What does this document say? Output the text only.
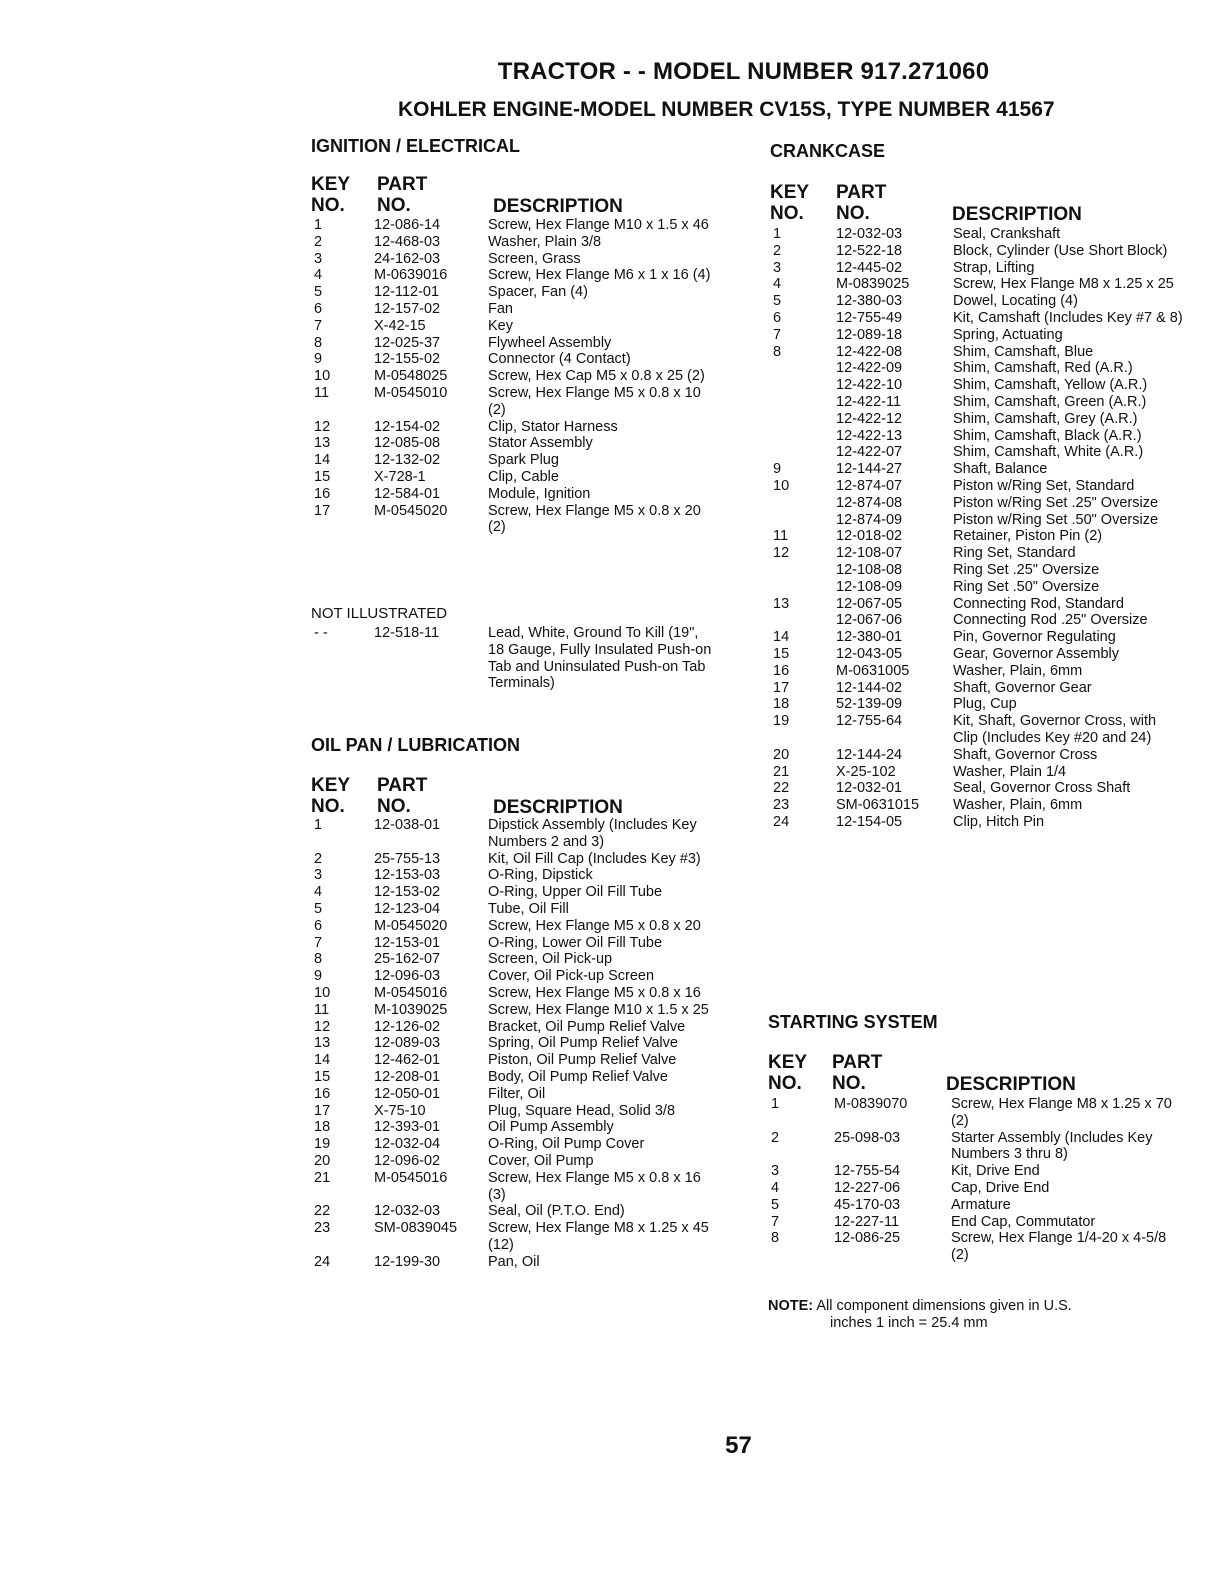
TRACTOR - - MODEL NUMBER 917.271060
KOHLER ENGINE-MODEL NUMBER CV15S, TYPE NUMBER 41567
IGNITION / ELECTRICAL
KEY
NO.
PART
NO.	DESCRIPTION
1	12-086-14	Screw, Hex Flange M10 x 1.5 x 46
2	12-468-03	Washer, Plain 3/8
3	24-162-03	Screen, Grass
4	M-0639016	Screw, Hex Flange M6 x 1 x 16 (4)
5	12-112-01	Spacer, Fan (4)
6	12-157-02	Fan
7	X-42-15	Key
8	12-025-37	Flywheel Assembly
9	12-155-02	Connector (4 Contact)
10	M-0548025	Screw, Hex Cap M5 x 0.8 x 25 (2)
11	M-0545010	Screw, Hex Flange M5 x 0.8 x 10 (2)
12	12-154-02	Clip, Stator Harness
13	12-085-08	Stator Assembly
14	12-132-02	Spark Plug
15	X-728-1	Clip, Cable
16	12-584-01	Module, Ignition
17	M-0545020	Screw, Hex Flange M5 x 0.8 x 20 (2)
NOT ILLUSTRATED
- -	12-518-11	Lead, White, Ground To Kill (19", 18 Gauge, Fully Insulated Push-on Tab and Uninsulated Push-on Tab Terminals)
OIL PAN / LUBRICATION
KEY
NO.
PART
NO.	DESCRIPTION
1	12-038-01	Dipstick Assembly (Includes Key Numbers 2 and 3)
2	25-755-13	Kit, Oil Fill Cap (Includes Key #3)
3	12-153-03	O-Ring, Dipstick
4	12-153-02	O-Ring, Upper Oil Fill Tube
5	12-123-04	Tube, Oil Fill
6	M-0545020	Screw, Hex Flange M5 x 0.8 x 20
7	12-153-01	O-Ring, Lower Oil Fill Tube
8	25-162-07	Screen, Oil Pick-up
9	12-096-03	Cover, Oil Pick-up Screen
10	M-0545016	Screw, Hex Flange M5 x 0.8 x 16
11	M-1039025	Screw, Hex Flange M10 x 1.5 x 25
12	12-126-02	Bracket, Oil Pump Relief Valve
13	12-089-03	Spring, Oil Pump Relief Valve
14	12-462-01	Piston, Oil Pump Relief Valve
15	12-208-01	Body, Oil Pump Relief Valve
16	12-050-01	Filter, Oil
17	X-75-10	Plug, Square Head, Solid 3/8
18	12-393-01	Oil Pump Assembly
19	12-032-04	O-Ring, Oil Pump Cover
20	12-096-02	Cover, Oil Pump
21	M-0545016	Screw, Hex Flange M5 x 0.8 x 16 (3)
22	12-032-03	Seal, Oil (P.T.O. End)
23	SM-0839045	Screw, Hex Flange M8 x 1.25 x 45 (12)
24	12-199-30	Pan, Oil
CRANKCASE
KEY
NO.
PART
NO.	DESCRIPTION
1	12-032-03	Seal, Crankshaft
2	12-522-18	Block, Cylinder (Use Short Block)
3	12-445-02	Strap, Lifting
4	M-0839025	Screw, Hex Flange M8 x 1.25 x 25
5	12-380-03	Dowel, Locating (4)
6	12-755-49	Kit, Camshaft (Includes Key #7 & 8)
7	12-089-18	Spring, Actuating
8	12-422-08	Shim, Camshaft, Blue
	12-422-09	Shim, Camshaft, Red (A.R.)
	12-422-10	Shim, Camshaft, Yellow (A.R.)
	12-422-11	Shim, Camshaft, Green (A.R.)
	12-422-12	Shim, Camshaft, Grey (A.R.)
	12-422-13	Shim, Camshaft, Black (A.R.)
	12-422-07	Shim, Camshaft, White (A.R.)
9	12-144-27	Shaft, Balance
10	12-874-07	Piston w/Ring Set, Standard
	12-874-08	Piston w/Ring Set .25" Oversize
	12-874-09	Piston w/Ring Set .50" Oversize
11	12-018-02	Retainer, Piston Pin (2)
12	12-108-07	Ring Set, Standard
	12-108-08	Ring Set .25" Oversize
	12-108-09	Ring Set .50" Oversize
13	12-067-05	Connecting Rod, Standard
	12-067-06	Connecting Rod .25" Oversize
14	12-380-01	Pin, Governor Regulating
15	12-043-05	Gear, Governor Assembly
16	M-0631005	Washer, Plain, 6mm
17	12-144-02	Shaft, Governor Gear
18	52-139-09	Plug, Cup
19	12-755-64	Kit, Shaft, Governor Cross, with Clip (Includes Key #20 and 24)
20	12-144-24	Shaft, Governor Cross
21	X-25-102	Washer, Plain 1/4
22	12-032-01	Seal, Governor Cross Shaft
23	SM-0631015	Washer, Plain, 6mm
24	12-154-05	Clip, Hitch Pin
STARTING SYSTEM
KEY
NO.
PART
NO.	DESCRIPTION
1	M-0839070	Screw, Hex Flange M8 x 1.25 x 70 (2)
2	25-098-03	Starter Assembly (Includes Key Numbers 3 thru 8)
3	12-755-54	Kit, Drive End
4	12-227-06	Cap, Drive End
5	45-170-03	Armature
7	12-227-11	End Cap, Commutator
8	12-086-25	Screw, Hex Flange 1/4-20 x 4-5/8 (2)
NOTE: All component dimensions given in U.S.
inches 1 inch = 25.4 mm
57
